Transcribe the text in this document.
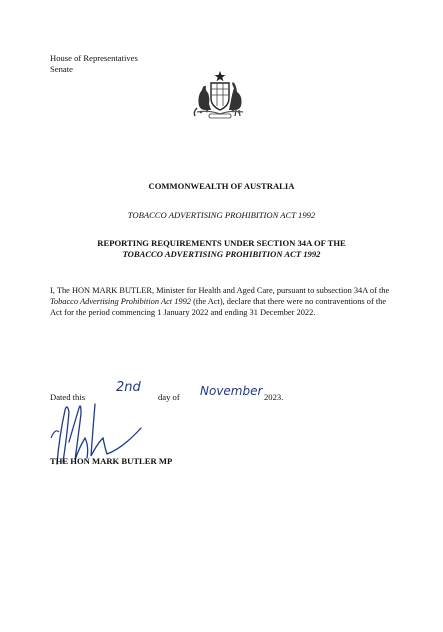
House of Representatives
Senate
COMMONWEALTH OF AUSTRALIA
TOBACCO ADVERTISING PROHIBITION ACT 1992
REPORTING REQUIREMENTS UNDER SECTION 34A OF THE
TOBACCO ADVERTISING PROHIBITION ACT 1992
I, The HON MARK BUTLER, Minister for Health and Aged Care, pursuant to subsection 34A of the Tobacco Advertising Prohibition Act 1992 (the Act), declare that there were no contraventions of the Act for the period commencing 1 January 2022 and ending 31 December 2022.
Dated this
2nd
day of November 2023.
THE HON MARK BUTLER MP
